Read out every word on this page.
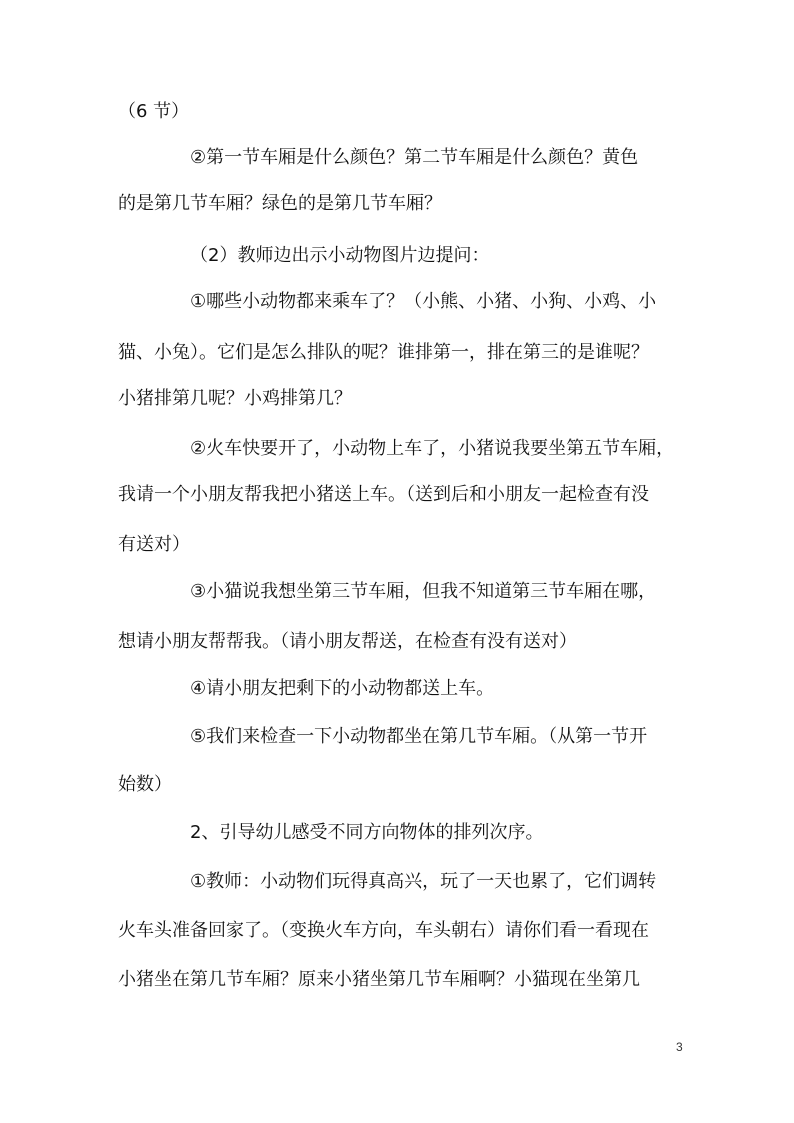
（6 节）
②第一节车厢是什么颜色？第二节车厢是什么颜色？黄色
的是第几节车厢？绿色的是第几节车厢？
（2）教师边出示小动物图片边提问：
①哪些小动物都来乘车了？（小熊、小猪、小狗、小鸡、小
猫、小兔）。它们是怎么排队的呢？谁排第一，排在第三的是谁呢？
小猪排第几呢？小鸡排第几？
②火车快要开了，小动物上车了，小猪说我要坐第五节车厢，
我请一个小朋友帮我把小猪送上车。（送到后和小朋友一起检查有没
有送对）
③小猫说我想坐第三节车厢，但我不知道第三节车厢在哪，
想请小朋友帮帮我。（请小朋友帮送，在检查有没有送对）
④请小朋友把剩下的小动物都送上车。
⑤我们来检查一下小动物都坐在第几节车厢。（从第一节开
始数）
2、引导幼儿感受不同方向物体的排列次序。
①教师：小动物们玩得真高兴，玩了一天也累了，它们调转
火车头准备回家了。（变换火车方向，车头朝右）请你们看一看现在
小猪坐在第几节车厢？原来小猪坐第几节车厢啊？小猫现在坐第几
3
